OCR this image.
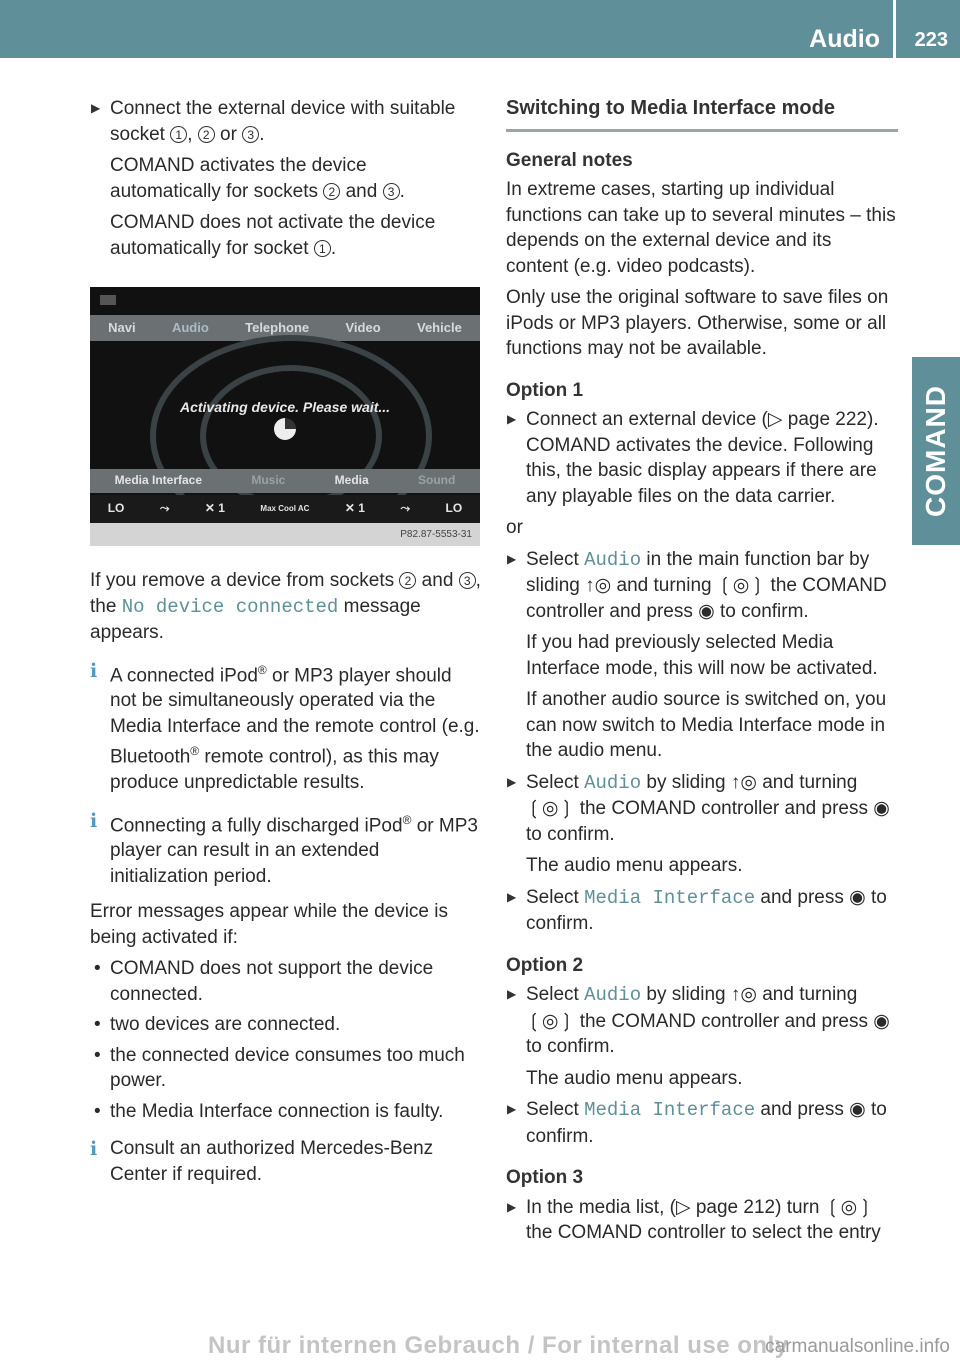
Audio 223
COMAND
▶ Connect the external device with suitable socket 1 , 2 or 3 .

COMAND activates the device automatically for sockets 2 and 3 .

COMAND does not activate the device automatically for socket 1 .

Navi	Audio	Telephone	Video	Vehicle
Activating device. Please wait...
Media Interface	Music	Media	Sound
LO	⤳	✕ 1	Max Cool AC	✕ 1	⤳	LO
P82.87-5553-31

If you remove a device from sockets 2 and 3 , the No device connected message appears.

i A connected iPod® or MP3 player should not be simultaneously operated via the Media Interface and the remote control (e.g. Bluetooth® remote control), as this may produce unpredictable results.

i Connecting a fully discharged iPod® or MP3 player can result in an extended initialization period.

Error messages appear while the device is being activated if:

• COMAND does not support the device connected.
• two devices are connected.
• the connected device consumes too much power.
• the Media Interface connection is faulty.
i Consult an authorized Mercedes-Benz Center if required.

Switching to Media Interface mode
General notes

In extreme cases, starting up individual functions can take up to several minutes – this depends on the external device and its content (e.g. video podcasts).

Only use the original software to save files on iPods or MP3 players. Otherwise, some or all functions may not be available.

Option 1
▶ Connect an external device (▷ page 222). COMAND activates the device. Following this, the basic display appears if there are any playable files on the data carrier.

or

▶ Select Audio in the main function bar by sliding ↑◎ and turning ❲◎❳ the COMAND controller and press ◉ to confirm.

If you had previously selected Media Interface mode, this will now be activated.

If another audio source is switched on, you can now switch to Media Interface mode in the audio menu.

▶ Select Audio by sliding ↑◎ and turning ❲◎❳ the COMAND controller and press ◉ to confirm.

The audio menu appears.

▶ Select Media Interface and press ◉ to confirm.

Option 2
▶ Select Audio by sliding ↑◎ and turning ❲◎❳ the COMAND controller and press ◉ to confirm.

The audio menu appears.

▶ Select Media Interface and press ◉ to confirm.

Option 3
▶ In the media list, (▷ page 212) turn ❲◎❳ the COMAND controller to select the entry

Nur für internen Gebrauch / For internal use only
carmanualsonline.info
